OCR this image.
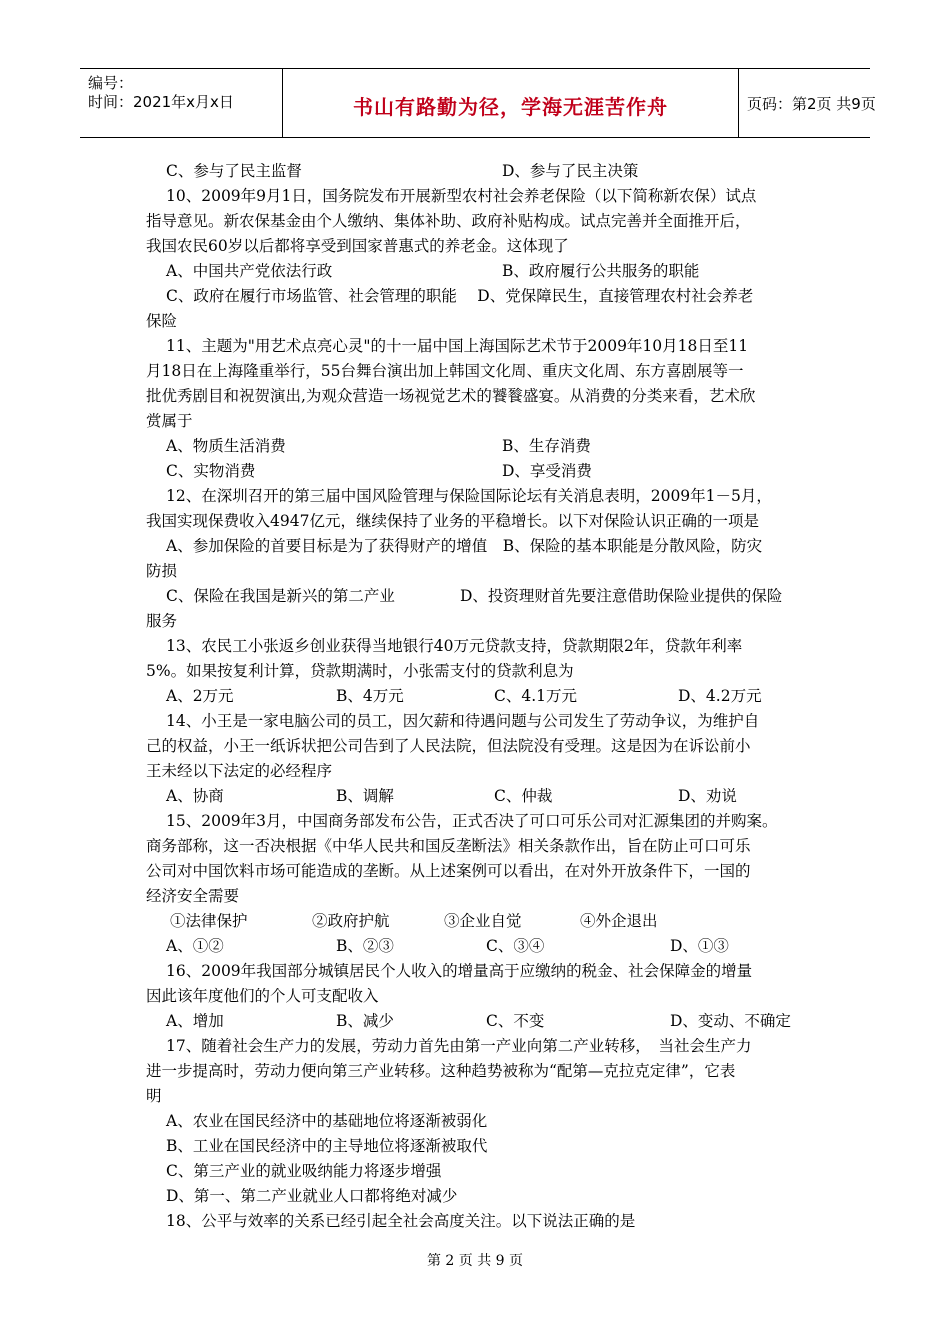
编号：
时间：2021年x月x日	书山有路勤为径，学海无涯苦作舟	页码：第2页 共9页
C、参与了民主监督	D、参与了民主决策
10、2009年9月1日，国务院发布开展新型农村社会养老保险（以下简称新农保）试点
指导意见。新农保基金由个人缴纳、集体补助、政府补贴构成。试点完善并全面推开后，
我国农民60岁以后都将享受到国家普惠式的养老金。这体现了
A、中国共产党依法行政	B、政府履行公共服务的职能
C、政府在履行市场监管、社会管理的职能　 D、党保障民生，直接管理农村社会养老
保险
11、主题为"用艺术点亮心灵"的十一届中国上海国际艺术节于2009年10月18日至11
月18日在上海隆重举行，55台舞台演出加上韩国文化周、重庆文化周、东方喜剧展等一
批优秀剧目和祝贺演出,为观众营造一场视觉艺术的饕餮盛宴。从消费的分类来看，艺术欣
赏属于
A、物质生活消费	B、生存消费
C、实物消费	D、享受消费
12、在深圳召开的第三届中国风险管理与保险国际论坛有关消息表明，2009年1－5月，
我国实现保费收入4947亿元，继续保持了业务的平稳增长。以下对保险认识正确的一项是
A、参加保险的首要目标是为了获得财产的增值　B、保险的基本职能是分散风险，防灾
防损
C、保险在我国是新兴的第二产业	D、投资理财首先要注意借助保险业提供的保险
服务
13、农民工小张返乡创业获得当地银行40万元贷款支持，贷款期限2年，贷款年利率
5%。如果按复利计算，贷款期满时，小张需支付的贷款利息为
A、2万元	B、4万元	C、4.1万元	D、4.2万元
14、小王是一家电脑公司的员工，因欠薪和待遇问题与公司发生了劳动争议，为维护自
己的权益，小王一纸诉状把公司告到了人民法院，但法院没有受理。这是因为在诉讼前小
王未经以下法定的必经程序
A、协商	B、调解	C、仲裁	D、劝说
15、2009年3月，中国商务部发布公告，正式否决了可口可乐公司对汇源集团的并购案。
商务部称，这一否决根据《中华人民共和国反垄断法》相关条款作出，旨在防止可口可乐
公司对中国饮料市场可能造成的垄断。从上述案例可以看出，在对外开放条件下，一国的
经济安全需要
①法律保护	②政府护航	③企业自觉	④外企退出
A、①②	B、②③	C、③④	D、①③
16、2009年我国部分城镇居民个人收入的增量高于应缴纳的税金、社会保障金的增量
因此该年度他们的个人可支配收入
A、增加	B、减少	C、不变	D、变动、不确定
17、随着社会生产力的发展，劳动力首先由第一产业向第二产业转移，　当社会生产力
进一步提高时，劳动力便向第三产业转移。这种趋势被称为“配第—克拉克定律”，它表
明
A、农业在国民经济中的基础地位将逐渐被弱化
B、工业在国民经济中的主导地位将逐渐被取代
C、第三产业的就业吸纳能力将逐步增强
D、第一、第二产业就业人口都将绝对减少
18、公平与效率的关系已经引起全社会高度关注。以下说法正确的是
第 2 页 共 9 页
